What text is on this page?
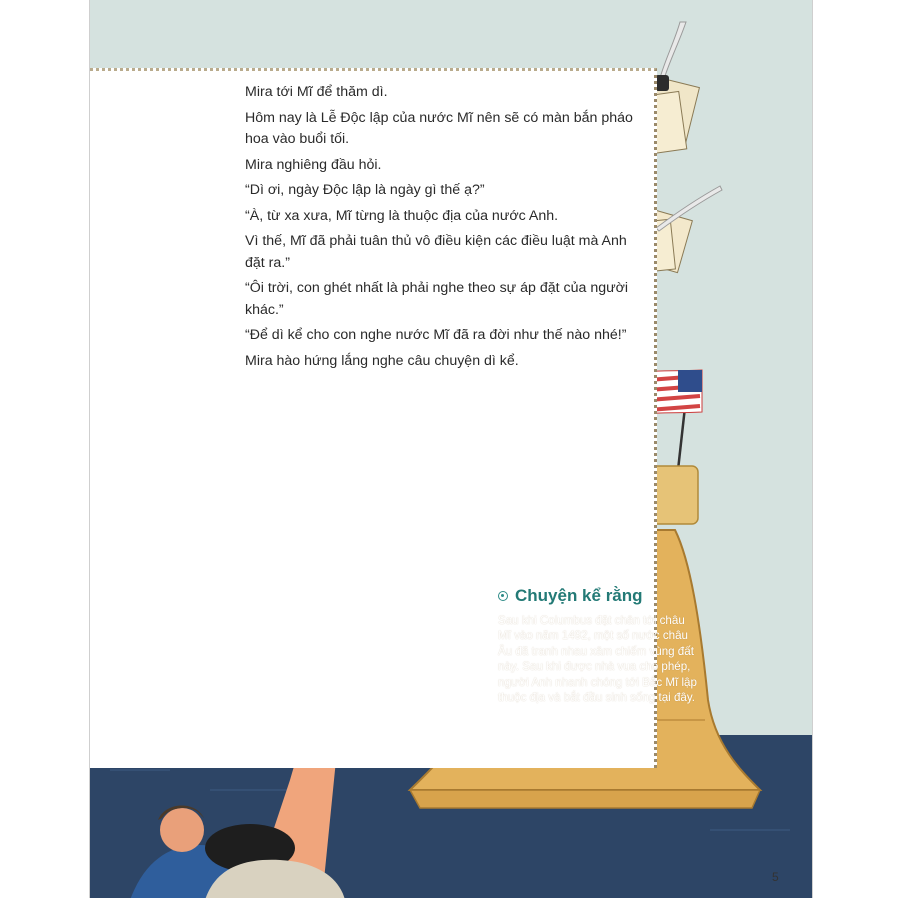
Mira tới Mĩ để thăm dì.

Hôm nay là Lễ Độc lập của nước Mĩ nên sẽ có màn bắn pháo hoa vào buổi tối.

Mira nghiêng đầu hỏi.

“Dì ơi, ngày Độc lập là ngày gì thế ạ?”

“À, từ xa xưa, Mĩ từng là thuộc địa của nước Anh.

Vì thế, Mĩ đã phải tuân thủ vô điều kiện các điều luật mà Anh đặt ra.”

“Ôi trời, con ghét nhất là phải nghe theo sự áp đặt của người khác.”

“Để dì kể cho con nghe nước Mĩ đã ra đời như thế nào nhé!”

Mira hào hứng lắng nghe câu chuyện dì kể.

Chuyện kể rằng

Sau khi Columbus đặt chân tới châu Mĩ vào năm 1492, một số nước châu Âu đã tranh nhau xâm chiếm vùng đất này. Sau khi được nhà vua cho phép, người Anh nhanh chóng tới Bắc Mĩ lập thuộc địa và bắt đầu sinh sống tại đây.

5
